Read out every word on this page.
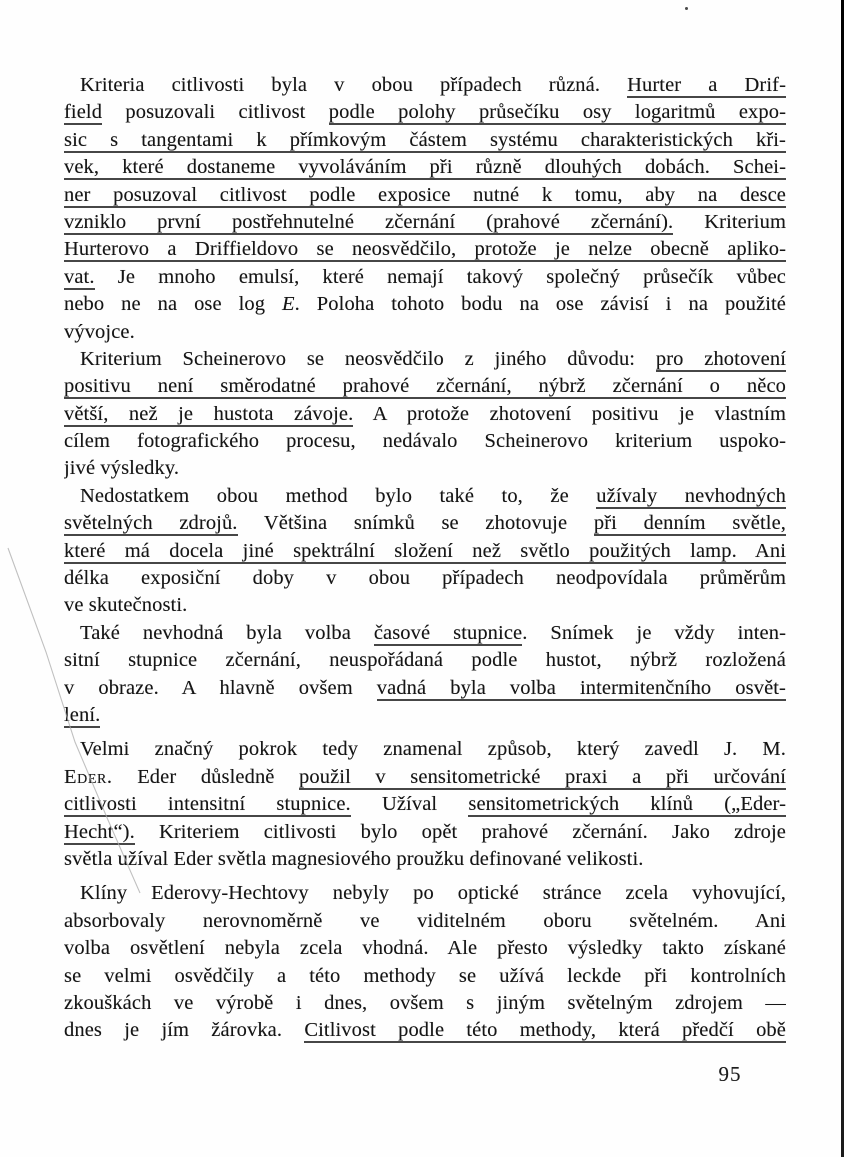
Kriteria citlivosti byla v obou případech různá. Hurter a Drif-
field posuzovali citlivost podle polohy průsečíku osy logaritmů expo-
sic s tangentami k přímkovým částem systému charakteristických kři-
vek, které dostaneme vyvoláváním při různě dlouhých dobách. Schei-
ner posuzoval citlivost podle exposice nutné k tomu, aby na desce
vzniklo první postřehnutelné zčernání (prahové zčernání). Kriterium
Hurterovo a Driffieldovo se neosvědčilo, protože je nelze obecně apliko-
vat. Je mnoho emulsí, které nemají takový společný průsečík vůbec
nebo ne na ose log E. Poloha tohoto bodu na ose závisí i na použité
vývojce.
Kriterium Scheinerovo se neosvědčilo z jiného důvodu: pro zhotovení
positivu není směrodatné prahové zčernání, nýbrž zčernání o něco
větší, než je hustota závoje. A protože zhotovení positivu je vlastním
cílem fotografického procesu, nedávalo Scheinerovo kriterium uspoko-
jivé výsledky.
Nedostatkem obou method bylo také to, že užívaly nevhodných
světelných zdrojů. Většina snímků se zhotovuje při denním světle,
které má docela jiné spektrální složení než světlo použitých lamp. Ani
délka exposiční doby v obou případech neodpovídala průměrům
ve skutečnosti.
Také nevhodná byla volba časové stupnice. Snímek je vždy inten-
sitní stupnice zčernání, neuspořádaná podle hustot, nýbrž rozložená
v obraze. A hlavně ovšem vadná byla volba intermitenčního osvět-
lení.
Velmi značný pokrok tedy znamenal způsob, který zavedl J. M.
Eder. Eder důsledně použil v sensitometrické praxi a při určování
citlivosti intensitní stupnice. Užíval sensitometrických klínů („Eder-
Hecht“). Kriteriem citlivosti bylo opět prahové zčernání. Jako zdroje
světla užíval Eder světla magnesiového proužku definované velikosti.
Klíny Ederovy-Hechtovy nebyly po optické stránce zcela vyhovující,
absorbovaly nerovnoměrně ve viditelném oboru světelném. Ani
volba osvětlení nebyla zcela vhodná. Ale přesto výsledky takto získané
se velmi osvědčily a této methody se užívá leckde při kontrolních
zkouškách ve výrobě i dnes, ovšem s jiným světelným zdrojem —
dnes je jím žárovka. Citlivost podle této methody, která předčí obě
95
